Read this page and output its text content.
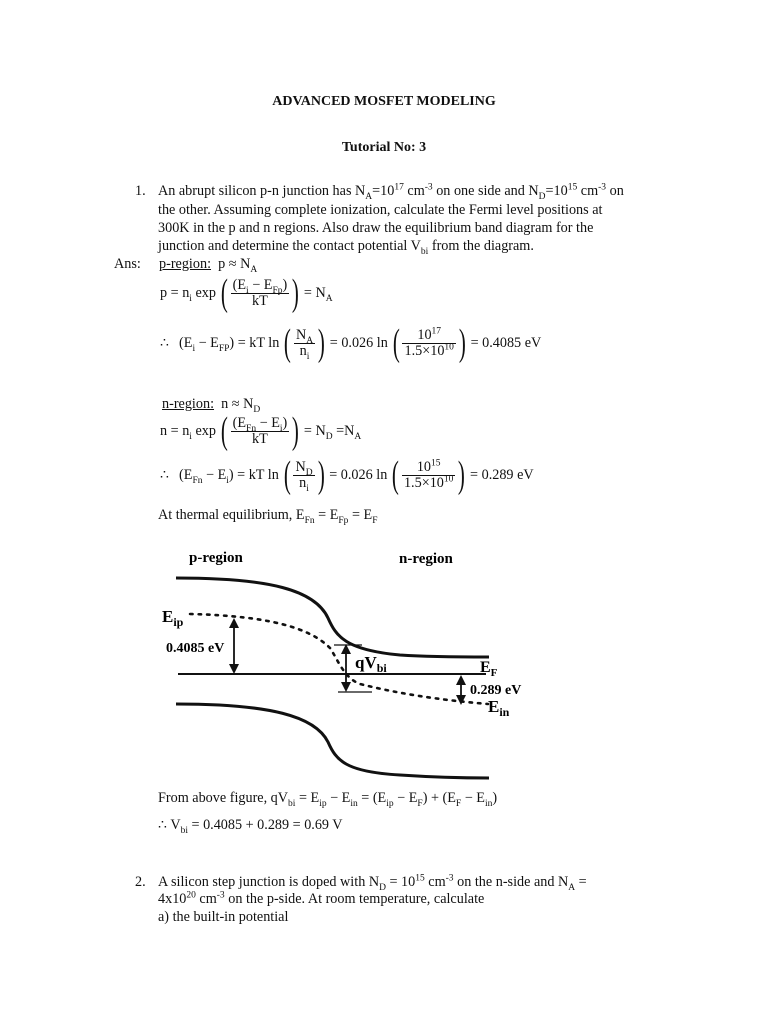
ADVANCED MOSFET MODELING
Tutorial No: 3
1. An abrupt silicon p-n junction has $N_A=10^{17}$ $cm^{-3}$ on one side and $N_D=10^{15}$ $cm^{-3}$ on
the other. Assuming complete ionization, calculate the Fermi level positions at
300K in the p and n regions. Also draw the equilibrium band diagram for the
junction and determine the contact potential $V_{bi}$ from the diagram.
Ans: p-region: $p \approx N_A$
$p = n_i$ exp ( $\frac{(E_i - E_{Fp})}{kT}$ ) = $N_A$
∴ $(E_i - E_{FP})$ = kT ln ( $\frac{N_A}{n_i}$ ) = 0.026 ln ( $\frac{10^{17}}{1.5\times 10^{10}}$ ) = 0.4085 eV
n-region: $n \approx N_D$
$n = n_i$ exp ( $\frac{(E_{Fn} - E_i)}{kT}$ ) = $N_D =N_A$
∴ $(E_{Fn} - E_i)$ = kT ln ( $\frac{N_D}{n_i}$ ) = 0.026 ln ( $\frac{10^{15}}{1.5\times 10^{10}}$ ) = 0.289 eV
At thermal equilibrium, $E_{Fn} = E_{Fp} = E_F$
p-region	n-region
$E_{ip}$
0.4085 eV
$qV_{bi}$	$E_F$
0.289 eV
$E_{in}$
From above figure, $qV_{bi} = E_{ip} - E_{in} = (E_{ip} - E_F) + (E_F - E_{in})$
∴ $V_{bi} = 0.4085 + 0.289 = 0.69$ V
2. A silicon step junction is doped with $N_D = 10^{15}$ $cm^{-3}$ on the n-side and $N_A$ =
$4x10^{20}$ $cm^{-3}$ on the p-side. At room temperature, calculate
a) the built-in potential
